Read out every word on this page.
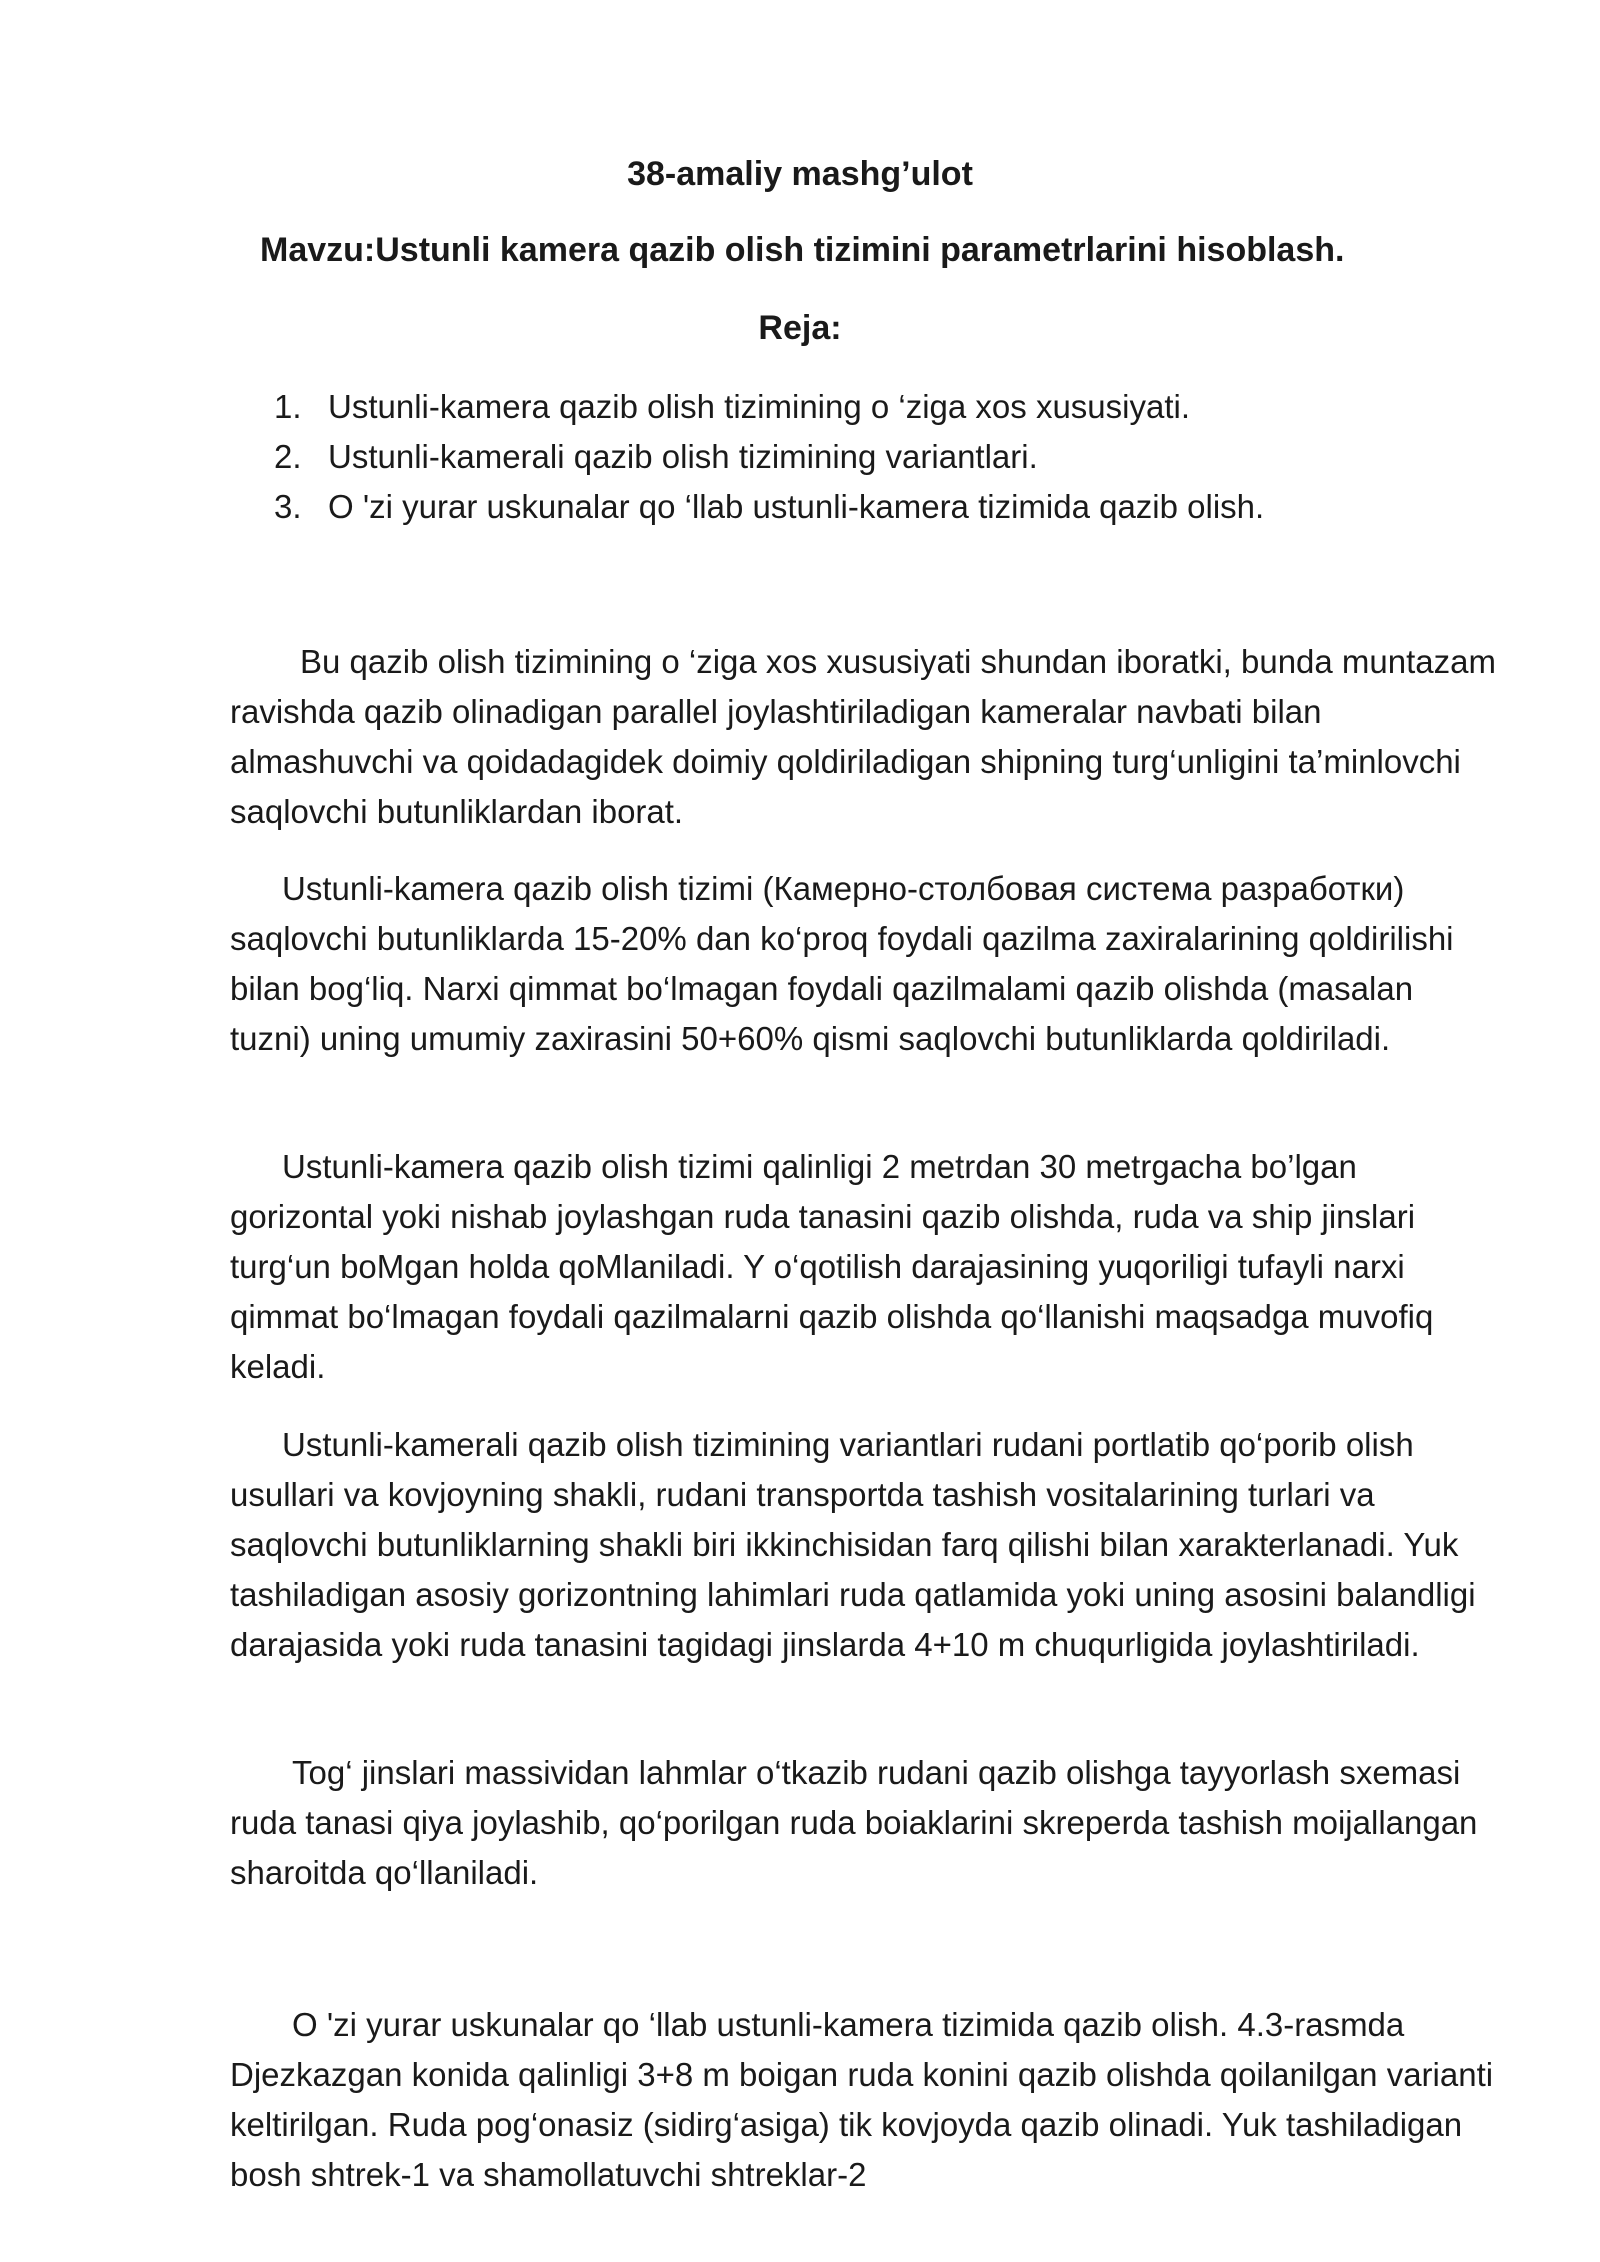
38-amaliy mashg’ulot
Mavzu:Ustunli kamera qazib olish tizimini parametrlarini hisoblash.
Reja:
1. Ustunli-kamera qazib olish tizimining o ‘ziga xos xususiyati.
2. Ustunli-kamerali qazib olish tizimining variantlari.
3. O 'zi yurar uskunalar qo ‘llab ustunli-kamera tizimida qazib olish.

Bu qazib olish tizimining o ‘ziga xos xususiyati shundan iboratki, bunda muntazam ravishda qazib olinadigan parallel joylashtiriladigan kameralar navbati bilan almashuvchi va qoidadagidek doimiy qoldiriladigan shipning turg‘unligini ta’minlovchi saqlovchi butunliklardan iborat.

Ustunli-kamera qazib olish tizimi (Камерно-столбовая система разработки) saqlovchi butunliklarda 15-20% dan ko‘proq foydali qazilma zaxiralarining qoldirilishi bilan bog‘liq. Narxi qimmat bo‘lmagan foydali qazilmalami qazib olishda (masalan tuzni) uning umumiy zaxirasini 50+60% qismi saqlovchi butunliklarda qoldiriladi.

Ustunli-kamera qazib olish tizimi qalinligi 2 metrdan 30 metrgacha bo’lgan gorizontal yoki nishab joylashgan ruda tanasini qazib olishda, ruda va ship jinslari turg‘un boMgan holda qoMlaniladi. Y o‘qotilish darajasining yuqoriligi tufayli narxi qimmat bo‘lmagan foydali qazilmalarni qazib olishda qo‘llanishi maqsadga muvofiq keladi.

Ustunli-kamerali qazib olish tizimining variantlari rudani portlatib qo‘porib olish usullari va kovjoyning shakli, rudani transportda tashish vositalarining turlari va saqlovchi butunliklarning shakli biri ikkinchisidan farq qilishi bilan xarakterlanadi. Yuk tashiladigan asosiy gorizontning lahimlari ruda qatlamida yoki uning asosini balandligi darajasida yoki ruda tanasini tagidagi jinslarda 4+10 m chuqurligida joylashtiriladi.

Tog‘ jinslari massividan lahmlar o‘tkazib rudani qazib olishga tayyorlash sxemasi ruda tanasi qiya joylashib, qo‘porilgan ruda boiaklarini skreperda tashish moijallangan sharoitda qo‘llaniladi.

O 'zi yurar uskunalar qo ‘llab ustunli-kamera tizimida qazib olish. 4.3-rasmda Djezkazgan konida qalinligi 3+8 m boigan ruda konini qazib olishda qoilanilgan varianti keltirilgan. Ruda pog‘onasiz (sidirg‘asiga) tik kovjoyda qazib olinadi. Yuk tashiladigan bosh shtrek-1 va shamollatuvchi shtreklar-2
